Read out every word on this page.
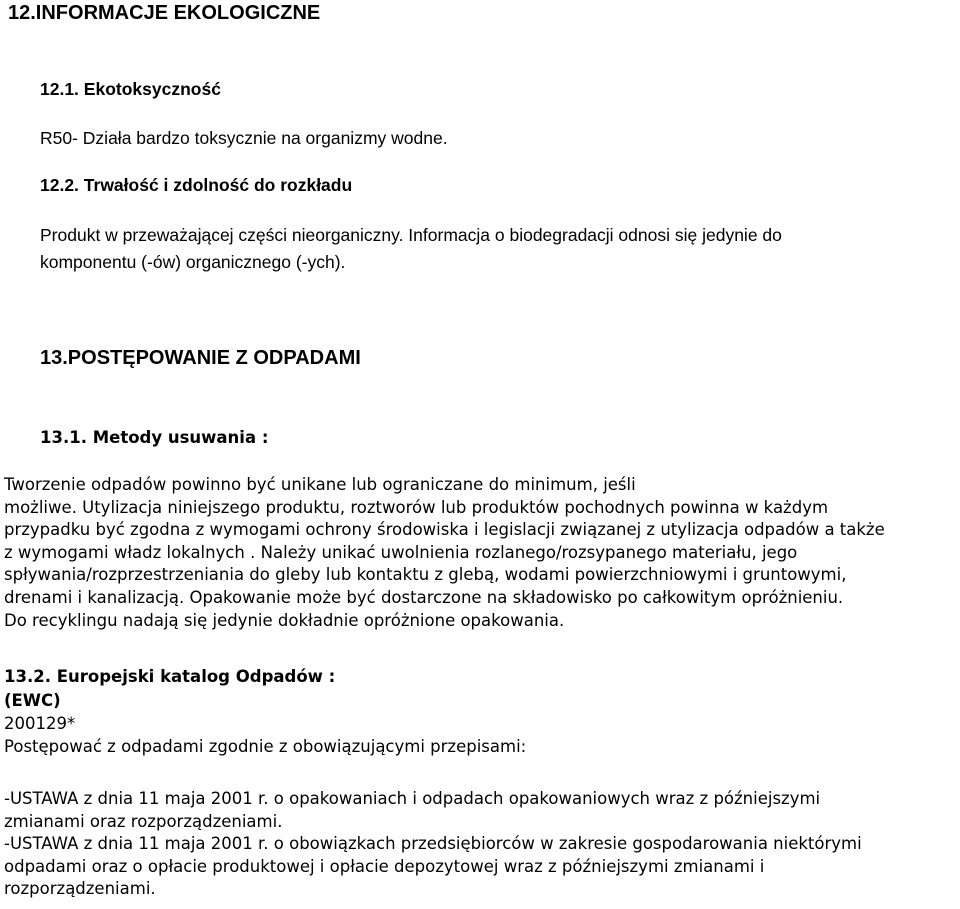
12.INFORMACJE EKOLOGICZNE
12.1. Ekotoksyczność

R50- Działa bardzo toksycznie na organizmy wodne.

12.2. Trwałość i zdolność do rozkładu

Produkt w przeważającej części nieorganiczny. Informacja o biodegradacji odnosi się jedynie do

komponentu (-ów) organicznego (-ych).

13.POSTĘPOWANIE Z ODPADAMI
13.1. Metody usuwania :

Tworzenie odpadów powinno być unikane lub ograniczane do minimum, jeśli

możliwe. Utylizacja niniejszego produktu, roztworów lub produktów pochodnych powinna w każdym

przypadku być zgodna z wymogami ochrony środowiska i legislacji związanej z utylizacja odpadów a także

z wymogami władz lokalnych . Należy unikać uwolnienia rozlanego/rozsypanego materiału, jego

spływania/rozprzestrzeniania do gleby lub kontaktu z glebą, wodami powierzchniowymi i gruntowymi,

drenami i kanalizacją. Opakowanie może być dostarczone na składowisko po całkowitym opróżnieniu.

Do recyklingu nadają się jedynie dokładnie opróżnione opakowania.

13.2. Europejski katalog Odpadów :

(EWC)

200129*

Postępować z odpadami zgodnie z obowiązującymi przepisami:

-USTAWA z dnia 11 maja 2001 r. o opakowaniach i odpadach opakowaniowych wraz z późniejszymi

zmianami oraz rozporządzeniami.

-USTAWA z dnia 11 maja 2001 r. o obowiązkach przedsiębiorców w zakresie gospodarowania niektórymi

odpadami oraz o opłacie produktowej i opłacie depozytowej wraz z późniejszymi zmianami i

rozporządzeniami.
